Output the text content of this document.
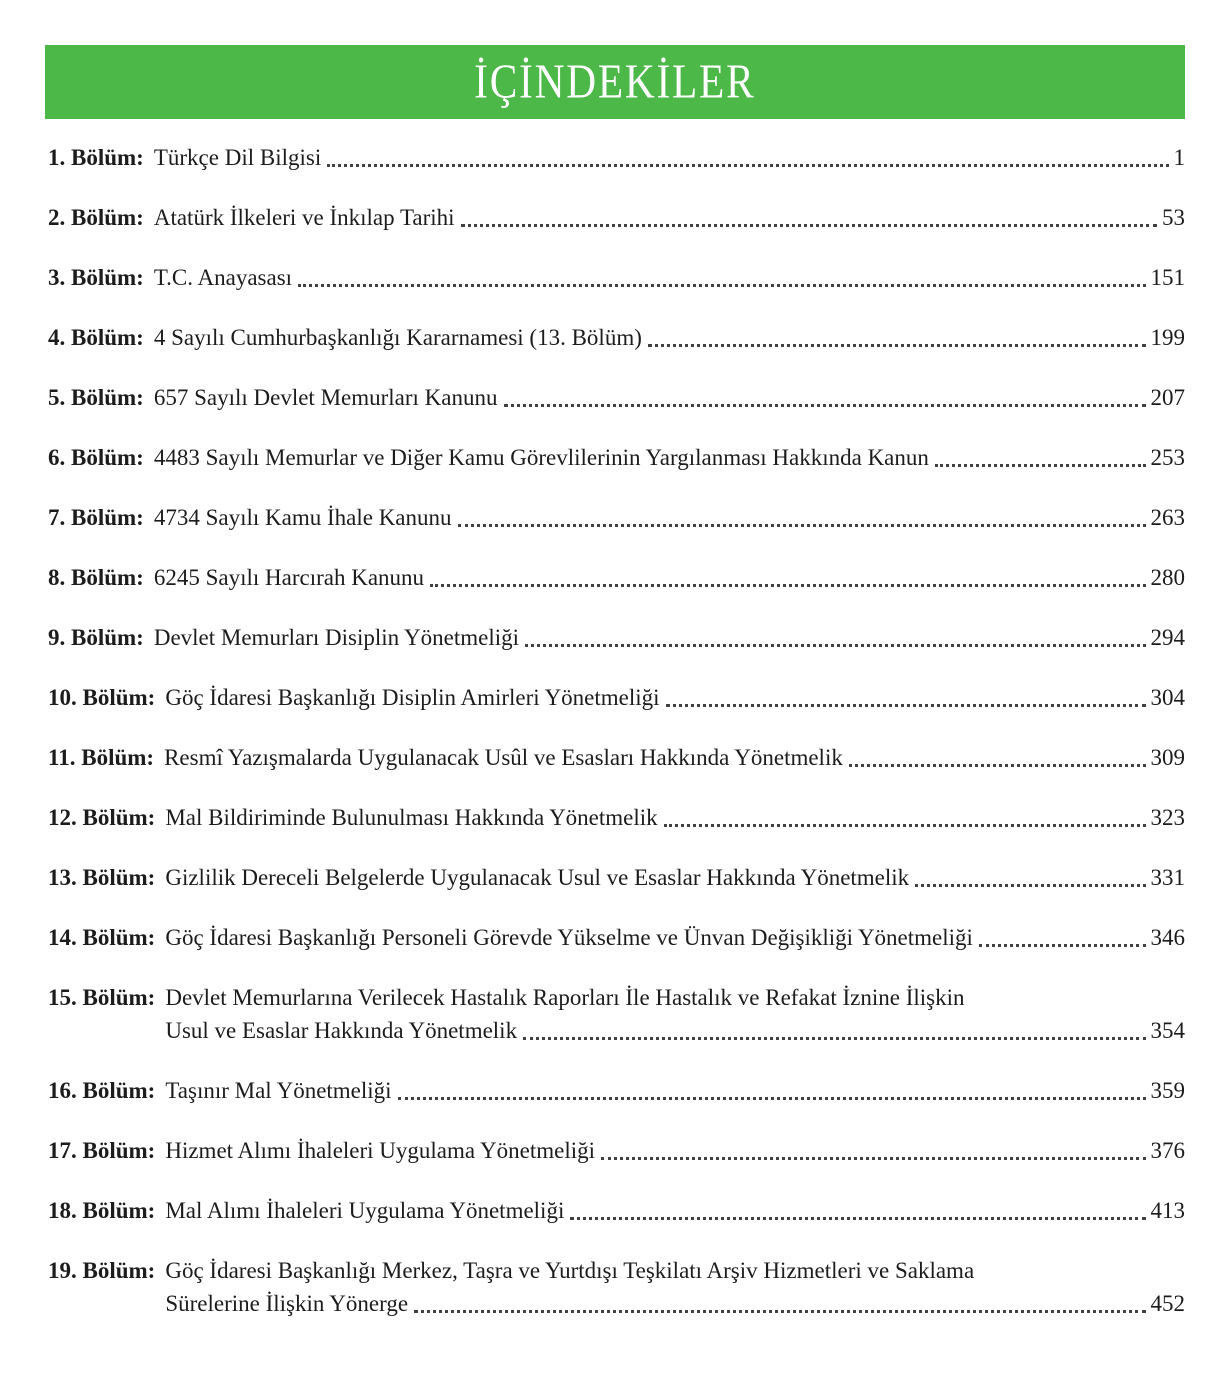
İÇİNDEKİLER
1. Bölüm: Türkçe Dil Bilgisi	1
2. Bölüm: Atatürk İlkeleri ve İnkılap Tarihi	53
3. Bölüm: T.C. Anayasası	151
4. Bölüm: 4 Sayılı Cumhurbaşkanlığı Kararnamesi (13. Bölüm)	199
5. Bölüm: 657 Sayılı Devlet Memurları Kanunu	207
6. Bölüm: 4483 Sayılı Memurlar ve Diğer Kamu Görevlilerinin Yargılanması Hakkında Kanun	253
7. Bölüm: 4734 Sayılı Kamu İhale Kanunu	263
8. Bölüm: 6245 Sayılı Harcırah Kanunu	280
9. Bölüm: Devlet Memurları Disiplin Yönetmeliği	294
10. Bölüm: Göç İdaresi Başkanlığı Disiplin Amirleri Yönetmeliği	304
11. Bölüm: Resmî Yazışmalarda Uygulanacak Usûl ve Esasları Hakkında Yönetmelik	309
12. Bölüm: Mal Bildiriminde Bulunulması Hakkında Yönetmelik	323
13. Bölüm: Gizlilik Dereceli Belgelerde Uygulanacak Usul ve Esaslar Hakkında Yönetmelik	331
14. Bölüm: Göç İdaresi Başkanlığı Personeli Görevde Yükselme ve Ünvan Değişikliği Yönetmeliği	346
15. Bölüm: Devlet Memurlarına Verilecek Hastalık Raporları İle Hastalık ve Refakat İznine İlişkin
Usul ve Esaslar Hakkında Yönetmelik	354
16. Bölüm: Taşınır Mal Yönetmeliği	359
17. Bölüm: Hizmet Alımı İhaleleri Uygulama Yönetmeliği	376
18. Bölüm: Mal Alımı İhaleleri Uygulama Yönetmeliği	413
19. Bölüm: Göç İdaresi Başkanlığı Merkez, Taşra ve Yurtdışı Teşkilatı Arşiv Hizmetleri ve Saklama
Sürelerine İlişkin Yönerge	452
